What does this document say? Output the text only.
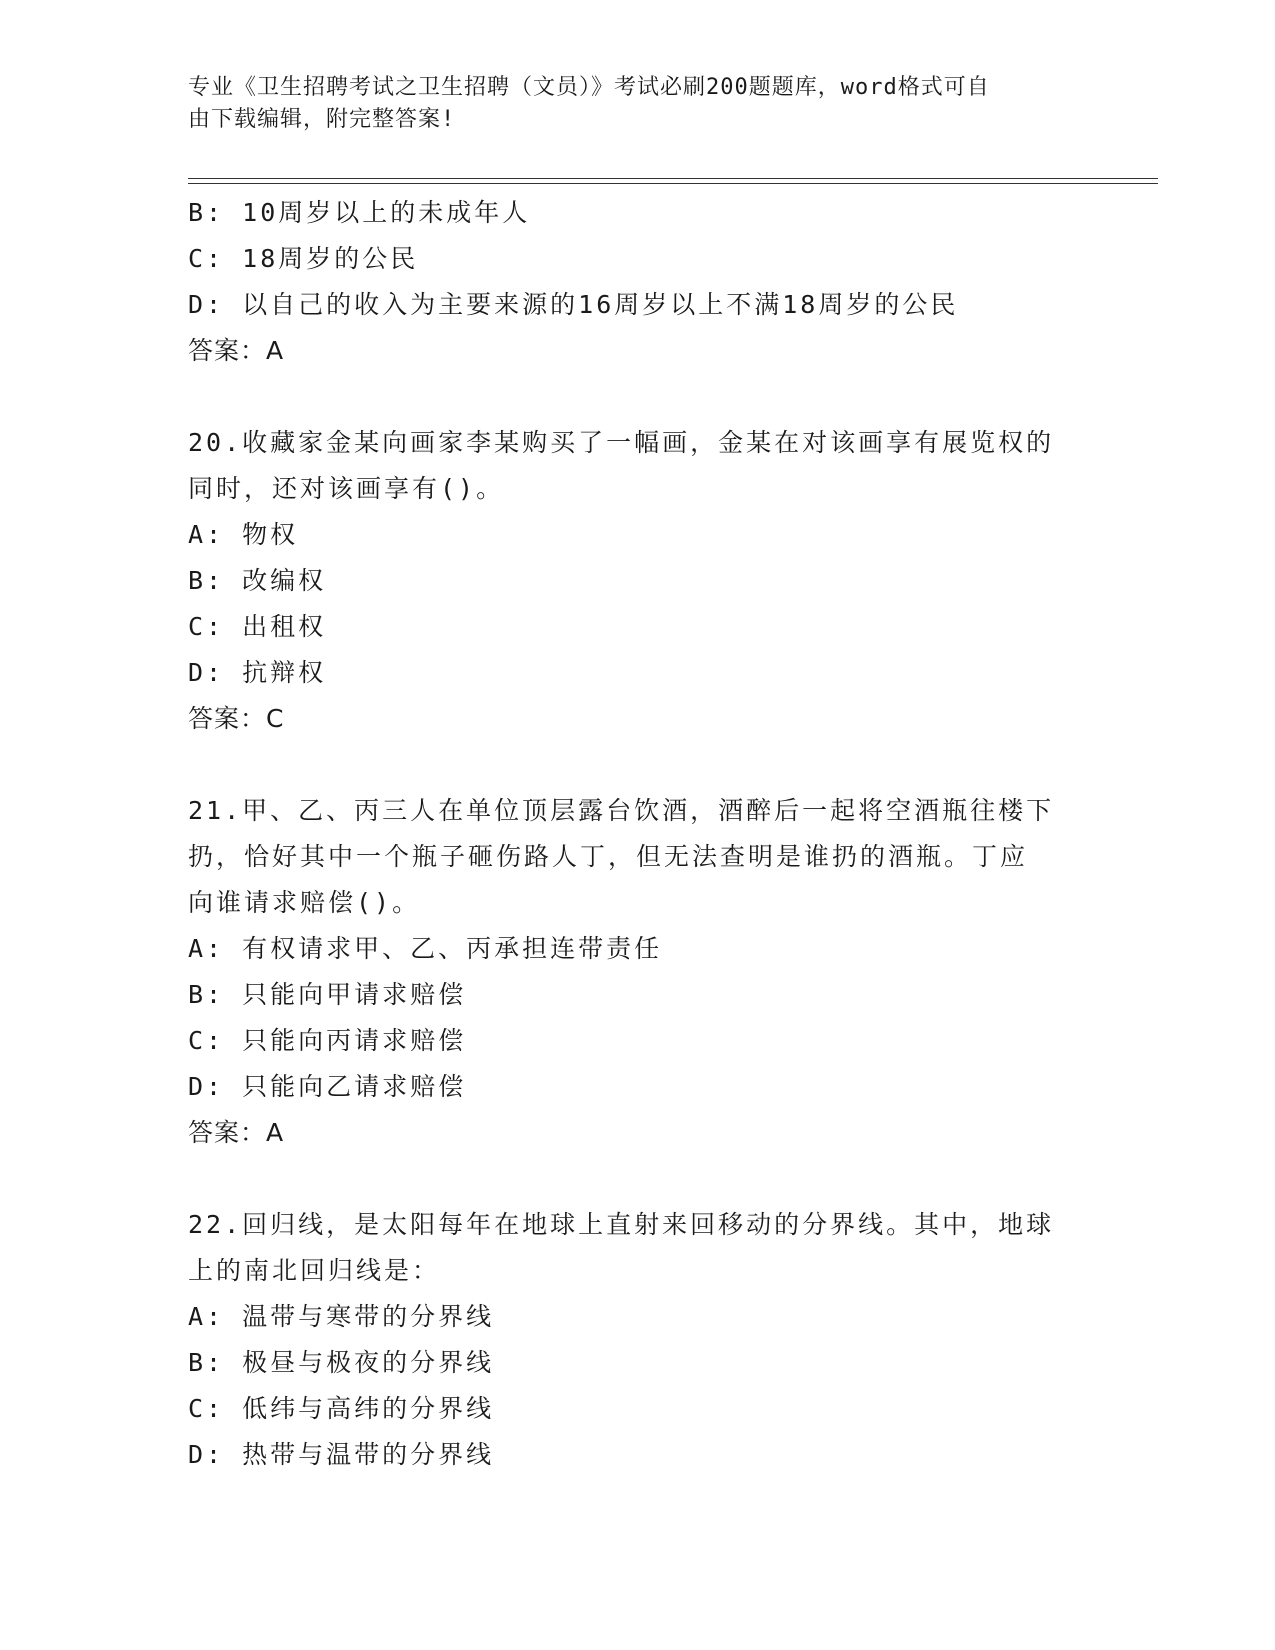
专业《卫生招聘考试之卫生招聘（文员）》考试必刷200题题库，word格式可自
由下载编辑，附完整答案!
B: 10周岁以上的未成年人
C: 18周岁的公民
D: 以自己的收入为主要来源的16周岁以上不满18周岁的公民
答案：A
20.收藏家金某向画家李某购买了一幅画，金某在对该画享有展览权的
同时，还对该画享有()。
A: 物权
B: 改编权
C: 出租权
D: 抗辩权
答案：C
21.甲、乙、丙三人在单位顶层露台饮酒，酒醉后一起将空酒瓶往楼下
扔，恰好其中一个瓶子砸伤路人丁，但无法查明是谁扔的酒瓶。丁应
向谁请求赔偿()。
A: 有权请求甲、乙、丙承担连带责任
B: 只能向甲请求赔偿
C: 只能向丙请求赔偿
D: 只能向乙请求赔偿
答案：A
22.回归线，是太阳每年在地球上直射来回移动的分界线。其中，地球
上的南北回归线是：
A: 温带与寒带的分界线
B: 极昼与极夜的分界线
C: 低纬与高纬的分界线
D: 热带与温带的分界线
